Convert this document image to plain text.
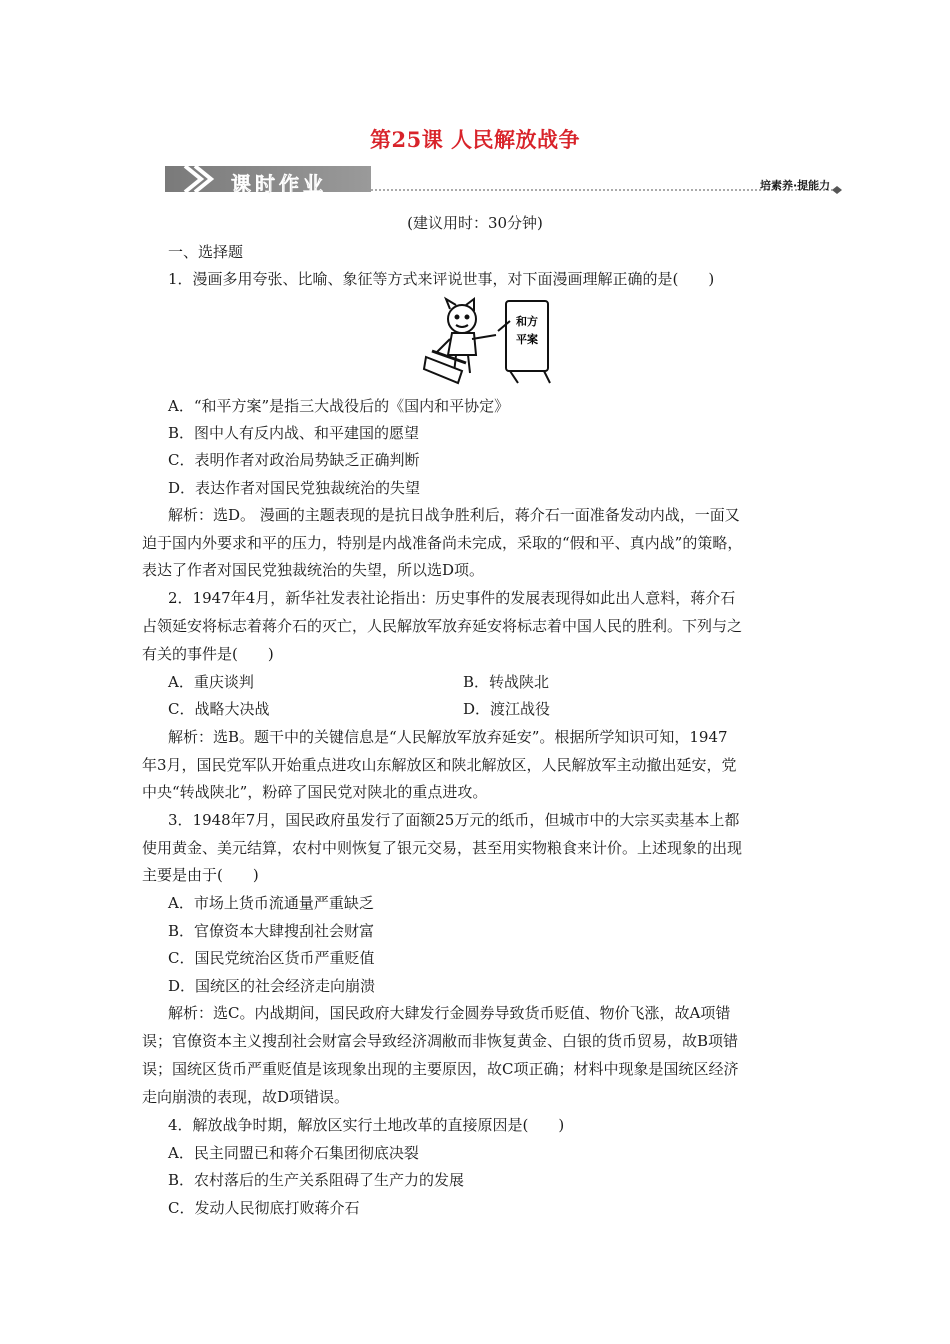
第25课 人民解放战争
课时作业	培素养·提能力
(建议用时：30分钟)
一、选择题
1．漫画多用夸张、比喻、象征等方式来评说世事，对下面漫画理解正确的是(　　)
和方
平案
A．“和平方案”是指三大战役后的《国内和平协定》
B．图中人有反内战、和平建国的愿望
C．表明作者对政治局势缺乏正确判断
D．表达作者对国民党独裁统治的失望
解析：选D。 漫画的主题表现的是抗日战争胜利后，蒋介石一面准备发动内战，一面又
迫于国内外要求和平的压力，特别是内战准备尚未完成，采取的“假和平、真内战”的策略，
表达了作者对国民党独裁统治的失望，所以选D项。
2．1947年4月，新华社发表社论指出：历史事件的发展表现得如此出人意料，蒋介石
占领延安将标志着蒋介石的灭亡，人民解放军放弃延安将标志着中国人民的胜利。下列与之
有关的事件是(　　)
A．重庆谈判	B．转战陕北
C．战略大决战	D．渡江战役
解析：选B。题干中的关键信息是“人民解放军放弃延安”。根据所学知识可知，1947
年3月，国民党军队开始重点进攻山东解放区和陕北解放区，人民解放军主动撤出延安，党
中央“转战陕北”，粉碎了国民党对陕北的重点进攻。
3．1948年7月，国民政府虽发行了面额25万元的纸币，但城市中的大宗买卖基本上都
使用黄金、美元结算，农村中则恢复了银元交易，甚至用实物粮食来计价。上述现象的出现
主要是由于(　　)
A．市场上货币流通量严重缺乏
B．官僚资本大肆搜刮社会财富
C．国民党统治区货币严重贬值
D．国统区的社会经济走向崩溃
解析：选C。内战期间，国民政府大肆发行金圆券导致货币贬值、物价飞涨，故A项错
误；官僚资本主义搜刮社会财富会导致经济凋敝而非恢复黄金、白银的货币贸易，故B项错
误；国统区货币严重贬值是该现象出现的主要原因，故C项正确；材料中现象是国统区经济
走向崩溃的表现，故D项错误。
4．解放战争时期，解放区实行土地改革的直接原因是(　　)
A．民主同盟已和蒋介石集团彻底决裂
B．农村落后的生产关系阻碍了生产力的发展
C．发动人民彻底打败蒋介石
